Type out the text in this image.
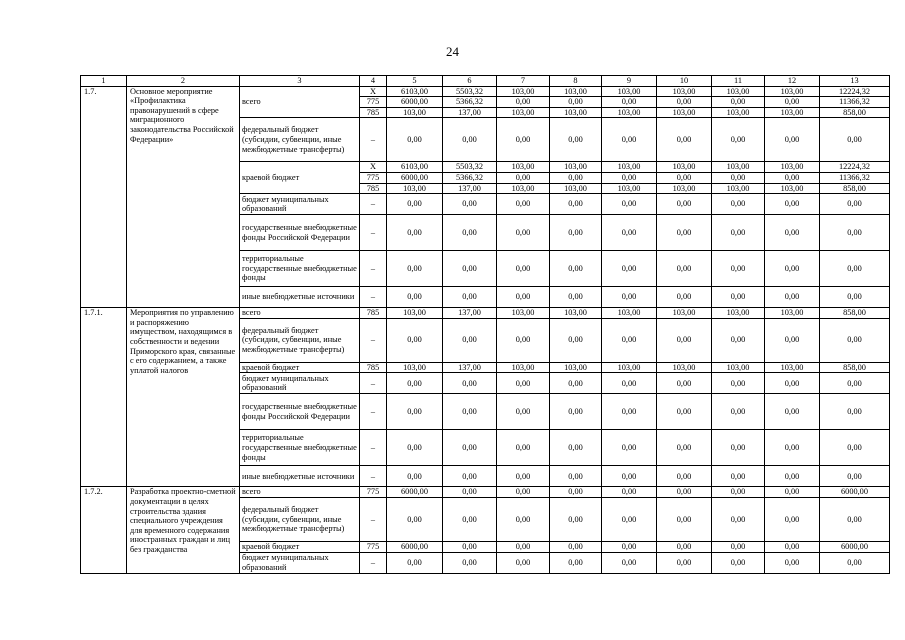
24
1	2	3	4	5	6	7	8	9	10	11	12	13
1.7.	Основное мероприятие «Профилактика правонарушений в сфере миграционного законодательства Российской Федерации»	всего	X	6103,00	5503,32	103,00	103,00	103,00	103,00	103,00	103,00	12224,32
			775	6000,00	5366,32	0,00	0,00	0,00	0,00	0,00	0,00	11366,32
			785	103,00	137,00	103,00	103,00	103,00	103,00	103,00	103,00	858,00
		федеральный бюджет (субсидии, субвенции, иные межбюджетные трансферты)	–	0,00	0,00	0,00	0,00	0,00	0,00	0,00	0,00	0,00
		краевой бюджет	X	6103,00	5503,32	103,00	103,00	103,00	103,00	103,00	103,00	12224,32
			775	6000,00	5366,32	0,00	0,00	0,00	0,00	0,00	0,00	11366,32
			785	103,00	137,00	103,00	103,00	103,00	103,00	103,00	103,00	858,00
		бюджет муниципальных образований	–	0,00	0,00	0,00	0,00	0,00	0,00	0,00	0,00	0,00
		государственные внебюджетные фонды Российской Федерации	–	0,00	0,00	0,00	0,00	0,00	0,00	0,00	0,00	0,00
		территориальные государственные внебюджетные фонды	–	0,00	0,00	0,00	0,00	0,00	0,00	0,00	0,00	0,00
		иные внебюджетные источники	–	0,00	0,00	0,00	0,00	0,00	0,00	0,00	0,00	0,00
1.7.1.	Мероприятия по управлению и распоряжению имуществом, находящимся в собственности и ведении Приморского края, связанные с его содержанием, а также уплатой налогов	всего	785	103,00	137,00	103,00	103,00	103,00	103,00	103,00	103,00	858,00
		федеральный бюджет (субсидии, субвенции, иные межбюджетные трансферты)	–	0,00	0,00	0,00	0,00	0,00	0,00	0,00	0,00	0,00
		краевой бюджет	785	103,00	137,00	103,00	103,00	103,00	103,00	103,00	103,00	858,00
		бюджет муниципальных образований	–	0,00	0,00	0,00	0,00	0,00	0,00	0,00	0,00	0,00
		государственные внебюджетные фонды Российской Федерации	–	0,00	0,00	0,00	0,00	0,00	0,00	0,00	0,00	0,00
		территориальные государственные внебюджетные фонды	–	0,00	0,00	0,00	0,00	0,00	0,00	0,00	0,00	0,00
		иные внебюджетные источники	–	0,00	0,00	0,00	0,00	0,00	0,00	0,00	0,00	0,00
1.7.2.	Разработка проектно-сметной документации в целях строительства здания специального учреждения для временного содержания иностранных граждан и лиц без гражданства	всего	775	6000,00	0,00	0,00	0,00	0,00	0,00	0,00	0,00	6000,00
		федеральный бюджет (субсидии, субвенции, иные межбюджетные трансферты)	–	0,00	0,00	0,00	0,00	0,00	0,00	0,00	0,00	0,00
		краевой бюджет	775	6000,00	0,00	0,00	0,00	0,00	0,00	0,00	0,00	6000,00
		бюджет муниципальных образований	–	0,00	0,00	0,00	0,00	0,00	0,00	0,00	0,00	0,00
